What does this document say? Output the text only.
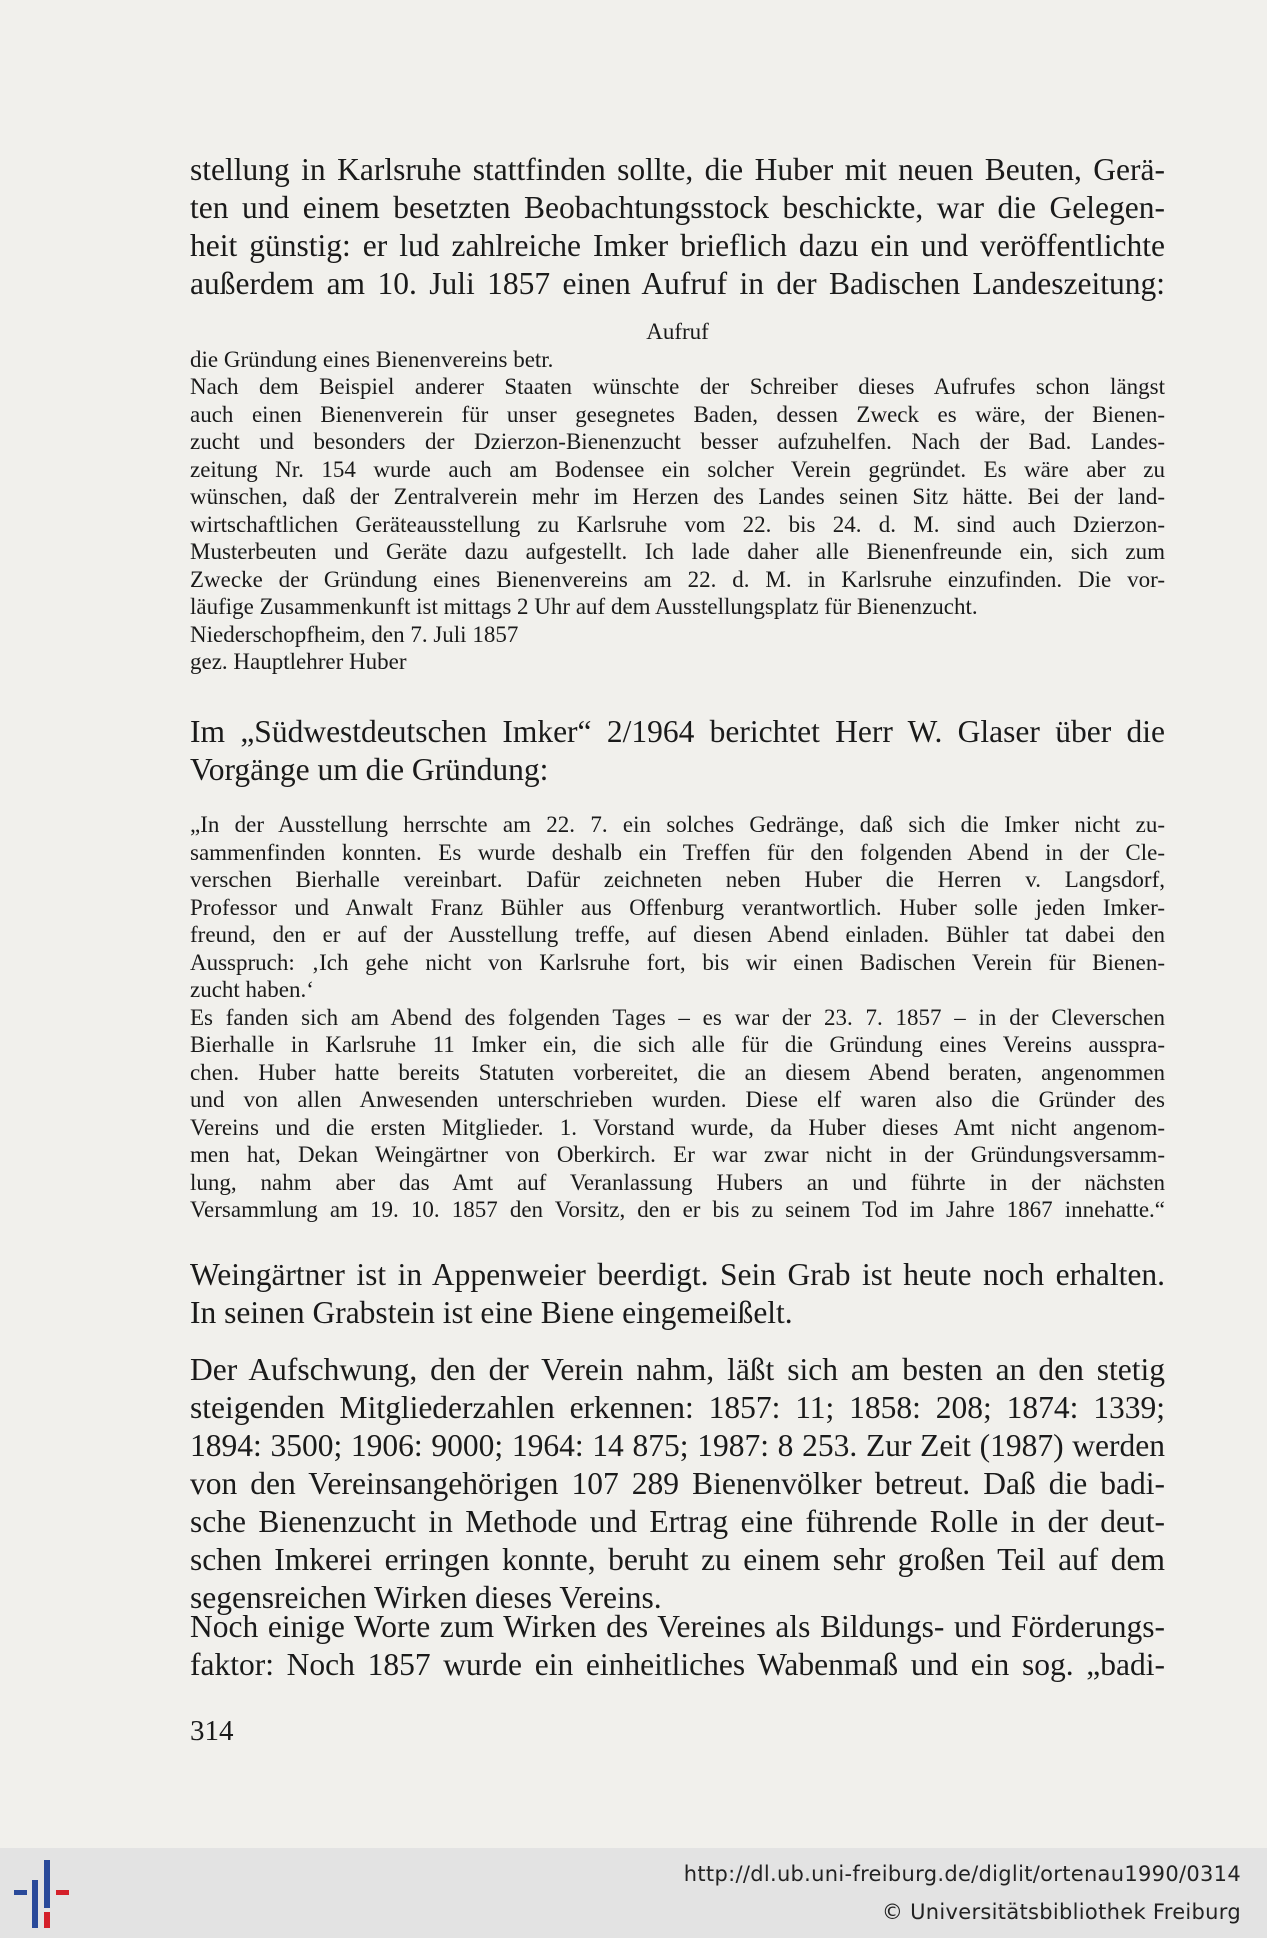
stellung in Karlsruhe stattfinden sollte, die Huber mit neuen Beuten, Gerä-
ten und einem besetzten Beobachtungsstock beschickte, war die Gelegen-
heit günstig: er lud zahlreiche Imker brieflich dazu ein und veröffentlichte
außerdem am 10. Juli 1857 einen Aufruf in der Badischen Landeszeitung:
Aufruf
die Gründung eines Bienenvereins betr.
Nach dem Beispiel anderer Staaten wünschte der Schreiber dieses Aufrufes schon längst
auch einen Bienenverein für unser gesegnetes Baden, dessen Zweck es wäre, der Bienen-
zucht und besonders der Dzierzon-Bienenzucht besser aufzuhelfen. Nach der Bad. Landes-
zeitung Nr. 154 wurde auch am Bodensee ein solcher Verein gegründet. Es wäre aber zu
wünschen, daß der Zentralverein mehr im Herzen des Landes seinen Sitz hätte. Bei der land-
wirtschaftlichen Geräteausstellung zu Karlsruhe vom 22. bis 24. d. M. sind auch Dzierzon-
Musterbeuten und Geräte dazu aufgestellt. Ich lade daher alle Bienenfreunde ein, sich zum
Zwecke der Gründung eines Bienenvereins am 22. d. M. in Karlsruhe einzufinden. Die vor-
läufige Zusammenkunft ist mittags 2 Uhr auf dem Ausstellungsplatz für Bienenzucht.
Niederschopfheim, den 7. Juli 1857
gez. Hauptlehrer Huber
Im „Südwestdeutschen Imker“ 2/1964 berichtet Herr W. Glaser über die
Vorgänge um die Gründung:
„In der Ausstellung herrschte am 22. 7. ein solches Gedränge, daß sich die Imker nicht zu-
sammenfinden konnten. Es wurde deshalb ein Treffen für den folgenden Abend in der Cle-
verschen Bierhalle vereinbart. Dafür zeichneten neben Huber die Herren v. Langsdorf,
Professor und Anwalt Franz Bühler aus Offenburg verantwortlich. Huber solle jeden Imker-
freund, den er auf der Ausstellung treffe, auf diesen Abend einladen. Bühler tat dabei den
Ausspruch: ‚Ich gehe nicht von Karlsruhe fort, bis wir einen Badischen Verein für Bienen-
zucht haben.‘
Es fanden sich am Abend des folgenden Tages – es war der 23. 7. 1857 – in der Cleverschen
Bierhalle in Karlsruhe 11 Imker ein, die sich alle für die Gründung eines Vereins ausspra-
chen. Huber hatte bereits Statuten vorbereitet, die an diesem Abend beraten, angenommen
und von allen Anwesenden unterschrieben wurden. Diese elf waren also die Gründer des
Vereins und die ersten Mitglieder. 1. Vorstand wurde, da Huber dieses Amt nicht angenom-
men hat, Dekan Weingärtner von Oberkirch. Er war zwar nicht in der Gründungsversamm-
lung, nahm aber das Amt auf Veranlassung Hubers an und führte in der nächsten
Versammlung am 19. 10. 1857 den Vorsitz, den er bis zu seinem Tod im Jahre 1867 innehatte.“
Weingärtner ist in Appenweier beerdigt. Sein Grab ist heute noch erhalten.
In seinen Grabstein ist eine Biene eingemeißelt.
Der Aufschwung, den der Verein nahm, läßt sich am besten an den stetig
steigenden Mitgliederzahlen erkennen: 1857: 11; 1858: 208; 1874: 1339;
1894: 3500; 1906: 9000; 1964: 14 875; 1987: 8 253. Zur Zeit (1987) werden
von den Vereinsangehörigen 107 289 Bienenvölker betreut. Daß die badi-
sche Bienenzucht in Methode und Ertrag eine führende Rolle in der deut-
schen Imkerei erringen konnte, beruht zu einem sehr großen Teil auf dem
segensreichen Wirken dieses Vereins.
Noch einige Worte zum Wirken des Vereines als Bildungs- und Förderungs-
faktor: Noch 1857 wurde ein einheitliches Wabenmaß und ein sog. „badi-
314
http://dl.ub.uni-freiburg.de/diglit/ortenau1990/0314
© Universitätsbibliothek Freiburg
